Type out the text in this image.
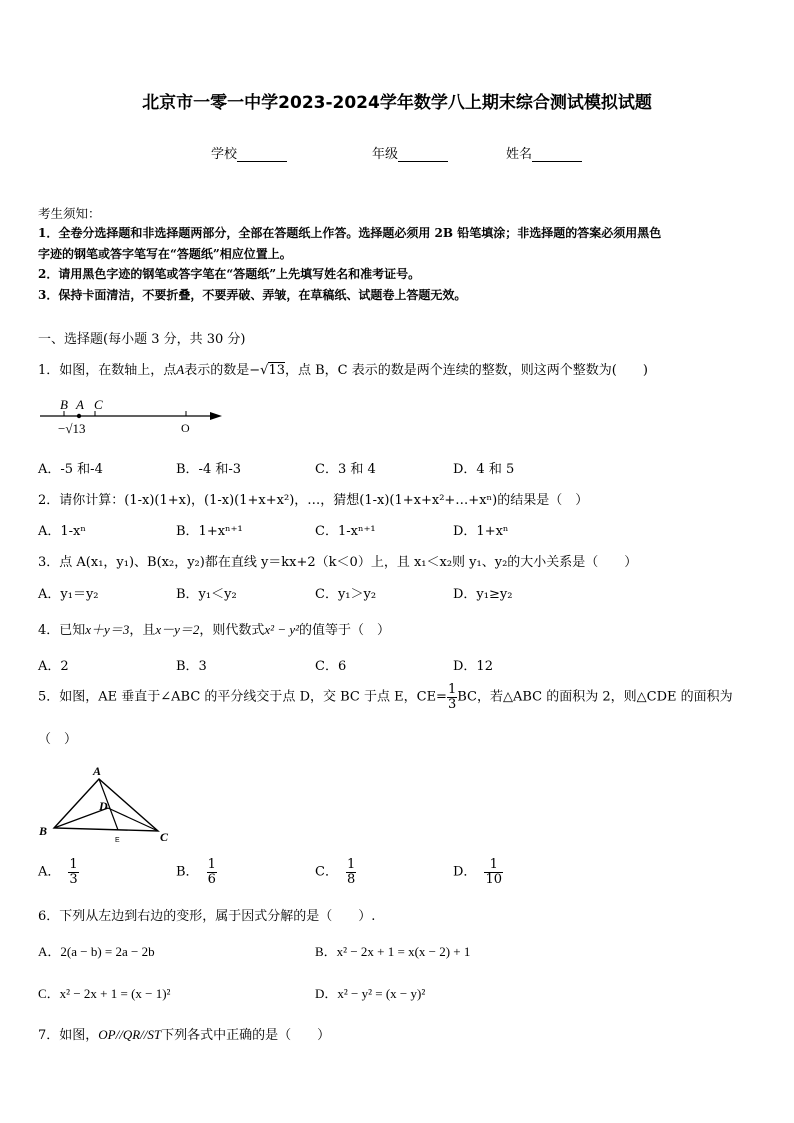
北京市一零一中学2023-2024学年数学八上期末综合测试模拟试题
学校	年级	姓名
考生须知：
1．全卷分选择题和非选择题两部分，全部在答题纸上作答。选择题必须用 2B 铅笔填涂；非选择题的答案必须用黑色
字迹的钢笔或答字笔写在“答题纸”相应位置上。
2．请用黑色字迹的钢笔或答字笔在“答题纸”上先填写姓名和准考证号。
3．保持卡面清洁，不要折叠，不要弄破、弄皱，在草稿纸、试题卷上答题无效。
一、选择题(每小题 3 分，共 30 分)
1．如图，在数轴上，点A表示的数是−√13，点 B，C 表示的数是两个连续的整数，则这两个整数为(　　)
B A C
−√13	O
A．-5 和-4	B．-4 和-3	C．3 和 4	D．4 和 5
2．请你计算：(1-x)(1+x)，(1-x)(1+x+x²)，…，猜想(1-x)(1+x+x²+…+xⁿ)的结果是（　）
A．1-xⁿ	B．1+xⁿ⁺¹	C．1-xⁿ⁺¹	D．1+xⁿ
3．点 A(x₁，y₁)、B(x₂，y₂)都在直线 y＝kx+2（k＜0）上，且 x₁＜x₂则 y₁、y₂的大小关系是（　　）
A．y₁＝y₂	B．y₁＜y₂	C．y₁＞y₂	D．y₁≥y₂
4．已知x＋y＝3，且x－y＝2，则代数式x² − y²的值等于（　）
A．2	B．3	C．6	D．12
5．如图，AE 垂直于∠ABC 的平分线交于点 D，交 BC 于点 E，$CE= \frac{1}{3}$ BC，若△ABC 的面积为 2，则△CDE 的面积为
（　）
A
B	C
D
E
A． $\frac{1}{3}$	B． $\frac{1}{6}$	C． $\frac{1}{8}$	D． $\frac{1}{10}$
6．下列从左边到右边的变形，属于因式分解的是（　　）.
A．2(a − b) = 2a − 2b	B．x² − 2x + 1 = x(x − 2) + 1
C．x² − 2x + 1 = (x − 1)²	D．x² − y² = (x − y)²
7．如图，OP//QR//ST下列各式中正确的是（　　）
